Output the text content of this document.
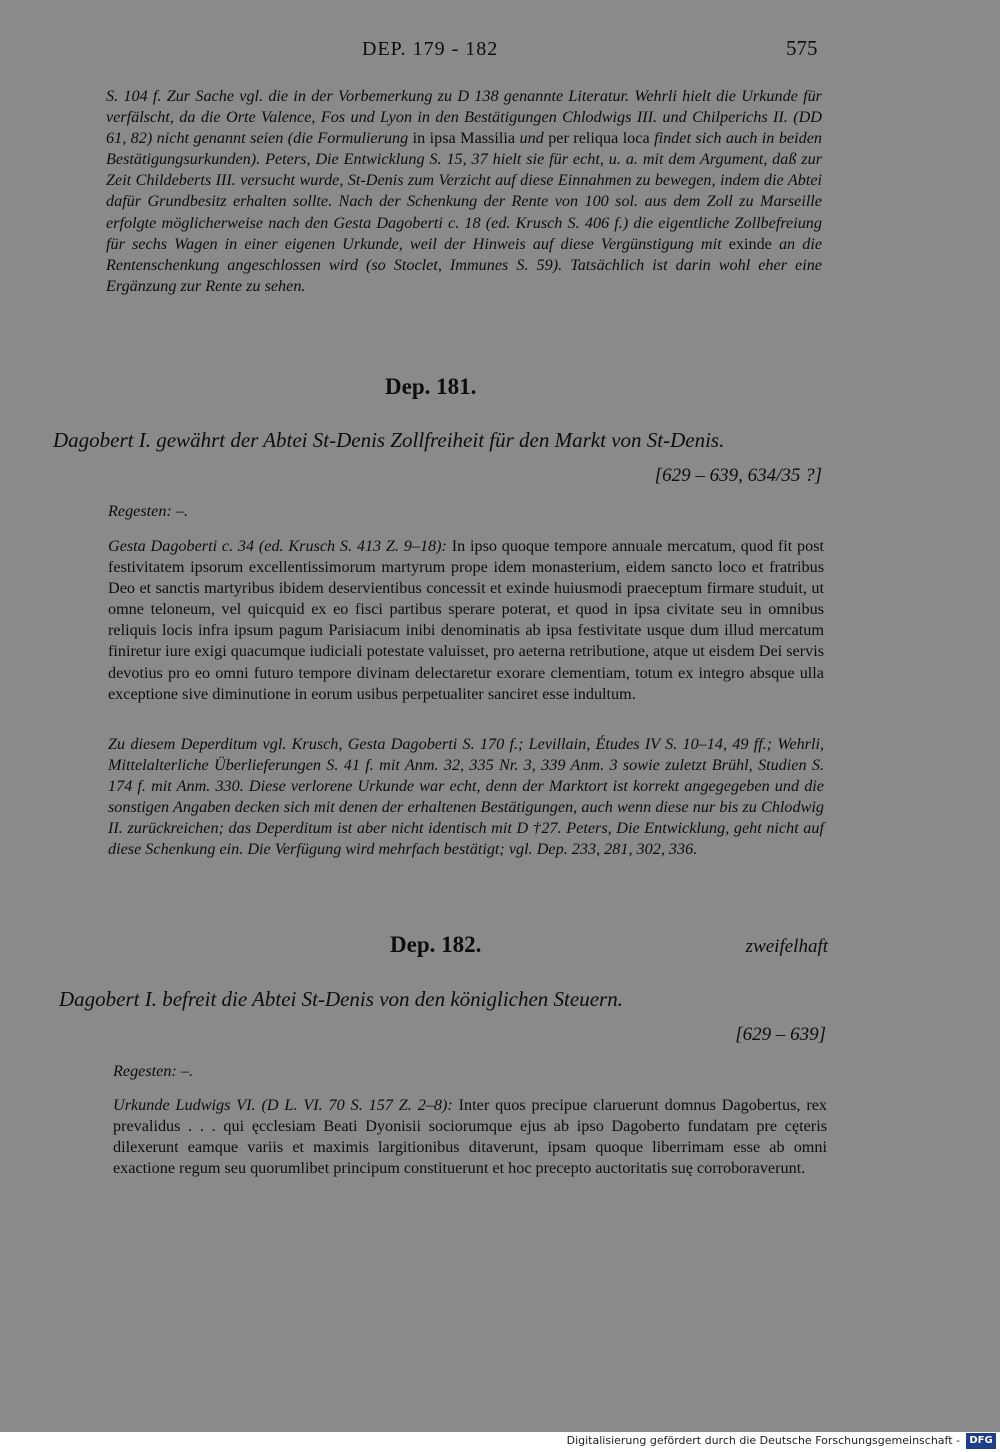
DEP. 179 - 182	575
S. 104 f. Zur Sache vgl. die in der Vorbemerkung zu D 138 genannte Literatur. Wehrli hielt die Urkunde für verfälscht, da die Orte Valence, Fos und Lyon in den Bestätigungen Chlodwigs III. und Chilperichs II. (DD 61, 82) nicht genannt seien (die Formulierung in ipsa Massilia und per reliqua loca findet sich auch in beiden Bestätigungsurkunden). Peters, Die Entwicklung S. 15, 37 hielt sie für echt, u. a. mit dem Argument, daß zur Zeit Childeberts III. versucht wurde, St-Denis zum Verzicht auf diese Einnahmen zu bewegen, indem die Abtei dafür Grundbesitz erhalten sollte. Nach der Schenkung der Rente von 100 sol. aus dem Zoll zu Marseille erfolgte möglicherweise nach den Gesta Dagoberti c. 18 (ed. Krusch S. 406 f.) die eigentliche Zollbefreiung für sechs Wagen in einer eigenen Urkunde, weil der Hinweis auf diese Vergünstigung mit exinde an die Rentenschenkung angeschlossen wird (so Stoclet, Immunes S. 59). Tatsächlich ist darin wohl eher eine Ergänzung zur Rente zu sehen.
Dep. 181.
Dagobert I. gewährt der Abtei St-Denis Zollfreiheit für den Markt von St-Denis.
[629 – 639, 634/35 ?]
Regesten: –.
Gesta Dagoberti c. 34 (ed. Krusch S. 413 Z. 9–18): In ipso quoque tempore annuale mercatum, quod fit post festivitatem ipsorum excellentissimorum martyrum prope idem monasterium, eidem sancto loco et fratribus Deo et sanctis martyribus ibidem deservientibus concessit et exinde huiusmodi praeceptum firmare studuit, ut omne teloneum, vel quicquid ex eo fisci partibus sperare poterat, et quod in ipsa civitate seu in omnibus reliquis locis infra ipsum pagum Parisiacum inibi denominatis ab ipsa festivitate usque dum illud mercatum finiretur iure exigi quacumque iudiciali potestate valuisset, pro aeterna retributione, atque ut eisdem Dei servis devotius pro eo omni futuro tempore divinam delectaretur exorare clementiam, totum ex integro absque ulla exceptione sive diminutione in eorum usibus perpetualiter sanciret esse indultum.
Zu diesem Deperditum vgl. Krusch, Gesta Dagoberti S. 170 f.; Levillain, Études IV S. 10–14, 49 ff.; Wehrli, Mittelalterliche Überlieferungen S. 41 f. mit Anm. 32, 335 Nr. 3, 339 Anm. 3 sowie zuletzt Brühl, Studien S. 174 f. mit Anm. 330. Diese verlorene Urkunde war echt, denn der Marktort ist korrekt angegegeben und die sonstigen Angaben decken sich mit denen der erhaltenen Bestätigungen, auch wenn diese nur bis zu Chlodwig II. zurückreichen; das Deperditum ist aber nicht identisch mit D †27. Peters, Die Entwicklung, geht nicht auf diese Schenkung ein. Die Verfügung wird mehrfach bestätigt; vgl. Dep. 233, 281, 302, 336.
Dep. 182.	zweifelhaft
Dagobert I. befreit die Abtei St-Denis von den königlichen Steuern.
[629 – 639]
Regesten: –.
Urkunde Ludwigs VI. (D L. VI. 70 S. 157 Z. 2–8): Inter quos precipue claruerunt domnus Dagobertus, rex prevalidus . . . qui ęcclesiam Beati Dyonisii sociorumque ejus ab ipso Dagoberto fundatam pre cęteris dilexerunt eamque variis et maximis largitionibus ditaverunt, ipsam quoque liberrimam esse ab omni exactione regum seu quorumlibet principum constituerunt et hoc precepto auctoritatis suę corroboraverunt.
Digitalisierung gefördert durch die Deutsche Forschungsgemeinschaft - DFG
